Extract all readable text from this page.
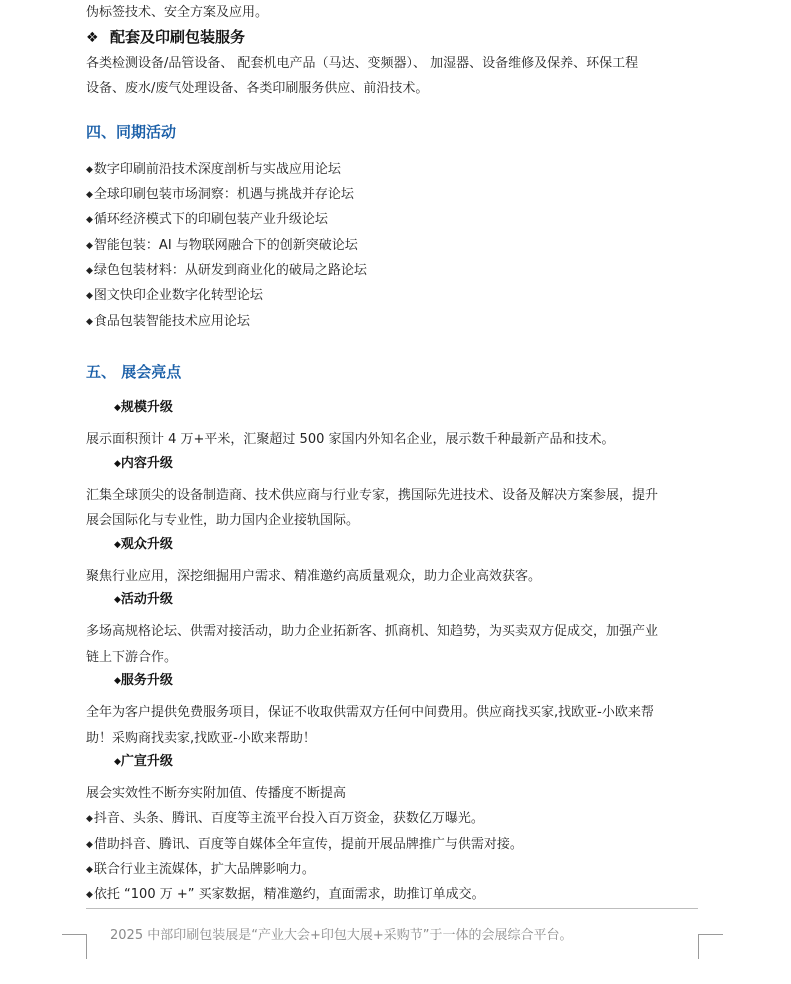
伪标签技术、安全方案及应用。
❖ 配套及印刷包装服务
各类检测设备/品管设备、 配套机电产品（马达、变频器）、 加湿器、设备维修及保养、环保工程
设备、废水/废气处理设备、各类印刷服务供应、前沿技术。
四、同期活动
◆数字印刷前沿技术深度剖析与实战应用论坛
◆全球印刷包装市场洞察：机遇与挑战并存论坛
◆循环经济模式下的印刷包装产业升级论坛
◆智能包装：AI 与物联网融合下的创新突破论坛
◆绿色包装材料：从研发到商业化的破局之路论坛
◆图文快印企业数字化转型论坛
◆食品包装智能技术应用论坛
五、 展会亮点
◆规模升级
展示面积预计 4 万+平米，汇聚超过 500 家国内外知名企业，展示数千种最新产品和技术。
◆内容升级
汇集全球顶尖的设备制造商、技术供应商与行业专家，携国际先进技术、设备及解决方案参展，提升
展会国际化与专业性，助力国内企业接轨国际。
◆观众升级
聚焦行业应用，深挖细掘用户需求、精准邀约高质量观众，助力企业高效获客。
◆活动升级
多场高规格论坛、供需对接活动，助力企业拓新客、抓商机、知趋势，为买卖双方促成交，加强产业
链上下游合作。
◆服务升级
全年为客户提供免费服务项目，保证不收取供需双方任何中间费用。供应商找买家,找欧亚-小欧来帮
助！采购商找卖家,找欧亚-小欧来帮助！
◆广宣升级
展会实效性不断夯实附加值、传播度不断提高
◆抖音、头条、腾讯、百度等主流平台投入百万资金，获数亿万曝光。
◆借助抖音、腾讯、百度等自媒体全年宣传，提前开展品牌推广与供需对接。
◆联合行业主流媒体，扩大品牌影响力。
◆依托 “100 万 +” 买家数据，精准邀约，直面需求，助推订单成交。
2025 中部印刷包装展是“产业大会+印包大展+采购节”于一体的会展综合平台。
